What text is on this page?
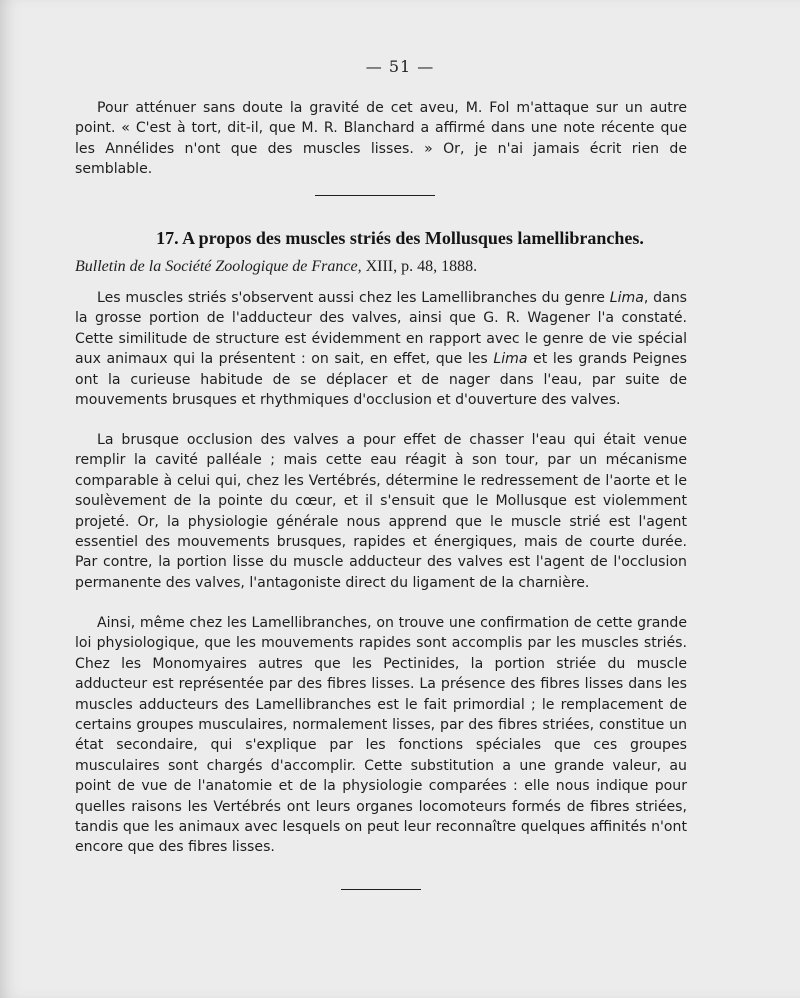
— 51 —

Pour atténuer sans doute la gravité de cet aveu, M. Fol m'attaque sur un autre point. « C'est à tort, dit-il, que M. R. Blanchard a affirmé dans une note récente que les Annélides n'ont que des muscles lisses. » Or, je n'ai jamais écrit rien de semblable.

17. A propos des muscles striés des Mollusques lamellibranches.

Bulletin de la Société Zoologique de France, XIII, p. 48, 1888.

Les muscles striés s'observent aussi chez les Lamellibranches du genre Lima, dans la grosse portion de l'adducteur des valves, ainsi que G. R. Wagener l'a constaté. Cette similitude de structure est évidemment en rapport avec le genre de vie spécial aux animaux qui la présentent : on sait, en effet, que les Lima et les grands Peignes ont la curieuse habitude de se déplacer et de nager dans l'eau, par suite de mouvements brusques et rhythmiques d'occlusion et d'ouverture des valves.

La brusque occlusion des valves a pour effet de chasser l'eau qui était venue remplir la cavité palléale ; mais cette eau réagit à son tour, par un mécanisme comparable à celui qui, chez les Vertébrés, détermine le redressement de l'aorte et le soulèvement de la pointe du cœur, et il s'ensuit que le Mollusque est violemment projeté. Or, la physiologie générale nous apprend que le muscle strié est l'agent essentiel des mouvements brusques, rapides et énergiques, mais de courte durée. Par contre, la portion lisse du muscle adducteur des valves est l'agent de l'occlusion permanente des valves, l'antagoniste direct du ligament de la charnière.

Ainsi, même chez les Lamellibranches, on trouve une confirmation de cette grande loi physiologique, que les mouvements rapides sont accomplis par les muscles striés. Chez les Monomyaires autres que les Pectinides, la portion striée du muscle adducteur est représentée par des fibres lisses. La présence des fibres lisses dans les muscles adducteurs des Lamellibranches est le fait primordial ; le remplacement de certains groupes musculaires, normalement lisses, par des fibres striées, constitue un état secondaire, qui s'explique par les fonctions spéciales que ces groupes musculaires sont chargés d'accomplir. Cette substitution a une grande valeur, au point de vue de l'anatomie et de la physiologie comparées : elle nous indique pour quelles raisons les Vertébrés ont leurs organes locomoteurs formés de fibres striées, tandis que les animaux avec lesquels on peut leur reconnaître quelques affinités n'ont encore que des fibres lisses.
